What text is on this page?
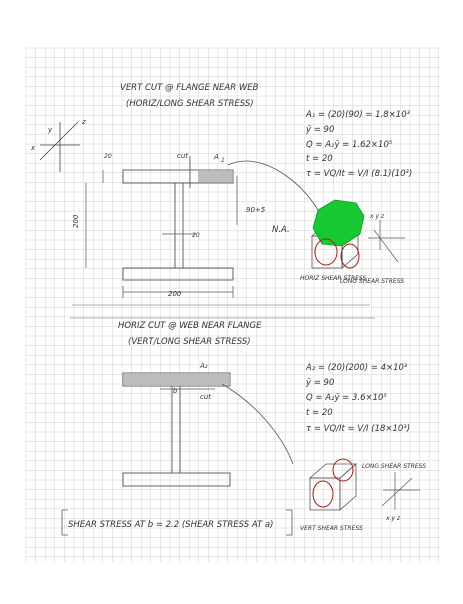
VERT CUT @ FLANGE NEAR WEB
(HORIZ/LONG SHEAR STRESS)
y
x
z
cut	A 1
20
200
90+5
20
200
N.A.
A₁ = (20)(90) = 1.8×10³
ȳ = 90
Q = A₁ȳ = 1.62×10⁵
t = 20
τ = VQ/It = V/I (8.1)(10³)
HORIZ SHEAR STRESS
LONG SHEAR STRESS
x y z
HORIZ CUT @ WEB NEAR FLANGE
(VERT/LONG SHEAR STRESS)
A₂
b
cut
A₂ = (20)(200) = 4×10³
ȳ = 90
Q = A₂ȳ = 3.6×10⁵
t = 20
τ = VQ/It = V/I (18×10³)
LONG SHEAR STRESS
VERT SHEAR STRESS
x y z
SHEAR STRESS AT b = 2.2 (SHEAR STRESS AT a)
